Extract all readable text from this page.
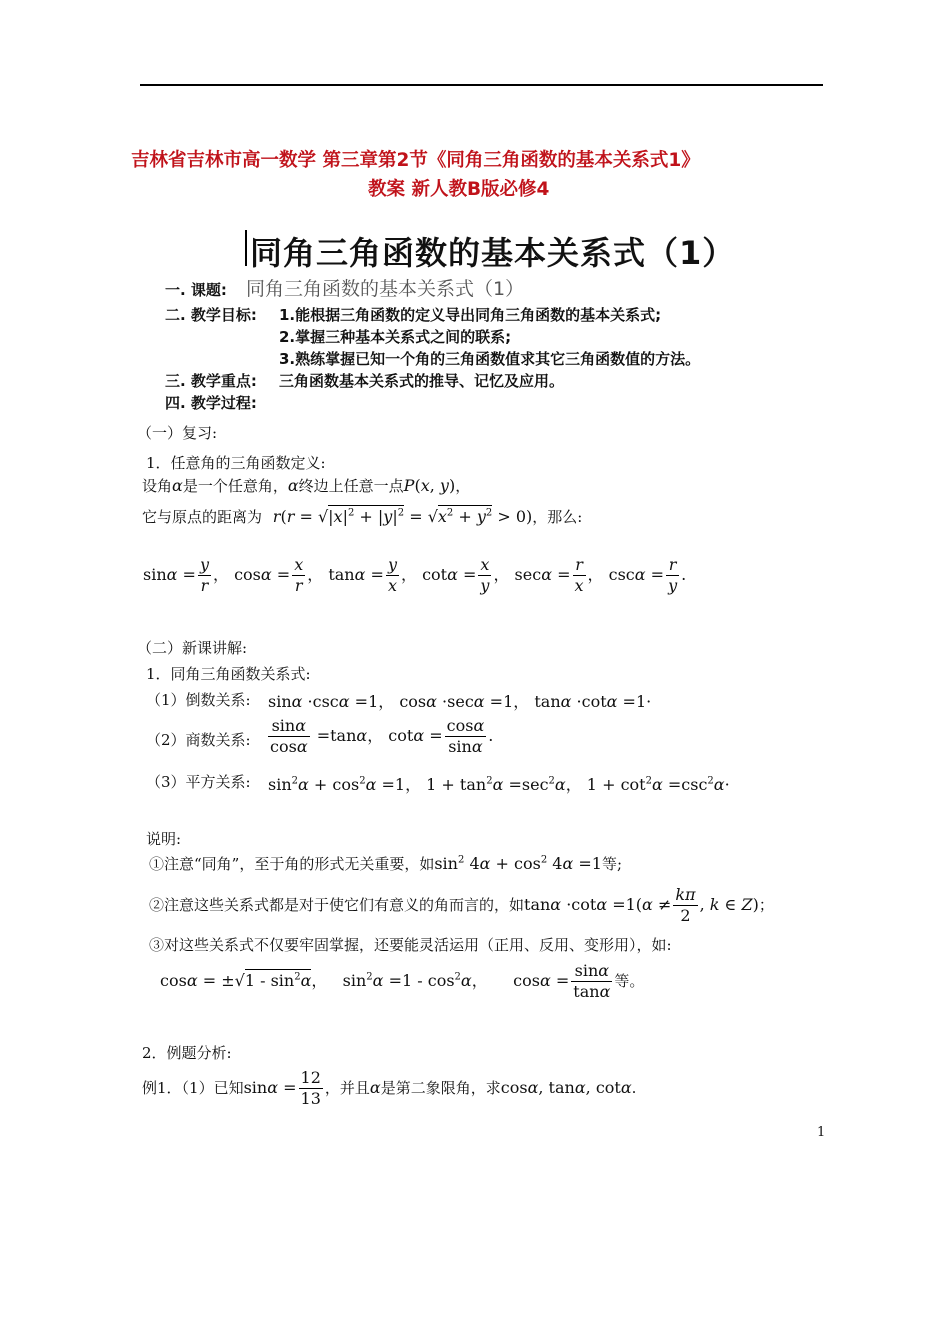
吉林省吉林市高一数学 第三章第2节《同角三角函数的基本关系式1》
教案 新人教B版必修4
同角三角函数的基本关系式（1）
一. 课题: 同角三角函数的基本关系式（1）
二. 教学目标: 1.能根据三角函数的定义导出同角三角函数的基本关系式;
2.掌握三种基本关系式之间的联系;
3.熟练掌握已知一个角的三角函数值求其它三角函数值的方法。
三. 教学重点: 三角函数基本关系式的推导、记忆及应用。
四. 教学过程:
（一）复习:
1．任意角的三角函数定义:
设角α是一个任意角，α终边上任意一点P(x, y)，
它与原点的距离为 $r(r = √|x|^2 + |y|^2 = √x^2 + y^2 > 0)$，那么:
$\sin\alpha = \frac{y}{r}$ ， $\cos\alpha = \frac{x}{r}$ ， $\tan\alpha = \frac{y}{x}$ ， $\cot\alpha = \frac{x}{y}$ ， $\sec\alpha = \frac{r}{x}$ ， $\csc\alpha = \frac{r}{y}$ .
（二）新课讲解:
1．同角三角函数关系式:
（1）倒数关系: sinα ·cscα =1， cosα ·secα =1， tanα ·cotα =1·
（2）商数关系: $\frac{\sin\alpha}{\cos\alpha} =\tan\alpha$， $\cot\alpha = \frac{\cos\alpha}{\sin\alpha}$ .
（3）平方关系: $\sin^2\alpha + \cos^2\alpha =1$， $1 + \tan^2\alpha =\sec^2\alpha$， $1 + \cot^2\alpha =\csc^2\alpha\cdot$
说明:
①注意“同角”，至于角的形式无关重要，如$\sin^2 4\alpha + \cos^2 4\alpha =1$等;
②注意这些关系式都是对于使它们有意义的角而言的，如$\tan\alpha \cdot\cot\alpha =1(\alpha \ne \frac{k\pi}{2}$ , k ∈ Z)；
③对这些关系式不仅要牢固掌握，还要能灵活运用（正用、反用、变形用），如:
$\cos\alpha = \pm√1 - \sin^2\alpha$，   $\sin^2\alpha =1 - \cos^2\alpha$，     $\cos\alpha = \frac{\sin\alpha}{\tan\alpha}$ 等。
2．例题分析:
例1．（1）已知$\sin\alpha = \frac{12}{13}$ ，并且α是第二象限角，求cosα, tanα, cotα.
1
